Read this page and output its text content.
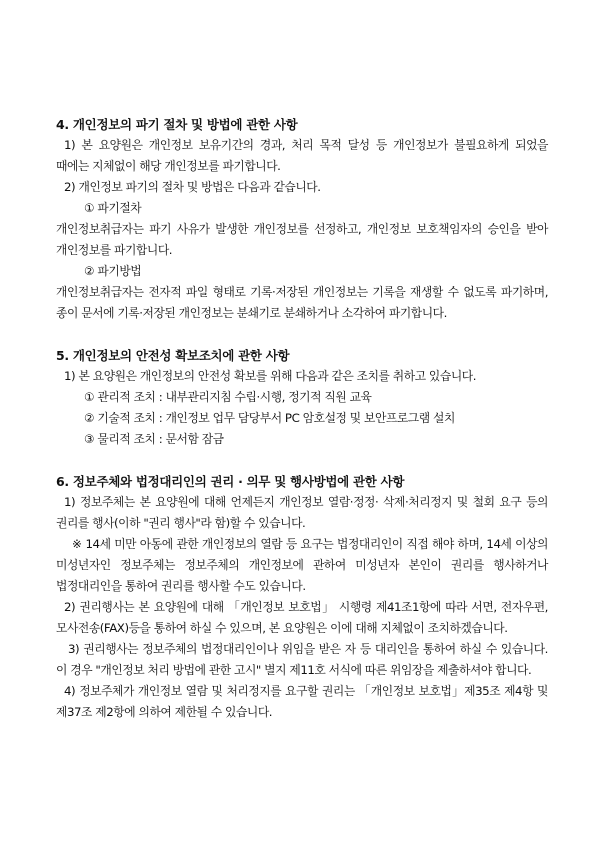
4. 개인정보의 파기 절차 및 방법에 관한 사항
1) 본 요양원은 개인정보 보유기간의 경과, 처리 목적 달성 등 개인정보가 불필요하게 되었을 때에는 지체없이 해당 개인정보를 파기합니다.
2) 개인정보 파기의 절차 및 방법은 다음과 같습니다.
① 파기절차
개인정보취급자는 파기 사유가 발생한 개인정보를 선정하고, 개인정보 보호책임자의 승인을 받아 개인정보를 파기합니다.
② 파기방법
개인정보취급자는 전자적 파일 형태로 기록·저장된 개인정보는 기록을 재생할 수 없도록 파기하며, 종이 문서에 기록·저장된 개인정보는 분쇄기로 분쇄하거나 소각하여 파기합니다.
5. 개인정보의 안전성 확보조치에 관한 사항
1) 본 요양원은 개인정보의 안전성 확보를 위해 다음과 같은 조치를 취하고 있습니다.
① 관리적 조치 : 내부관리지침 수립·시행, 정기적 직원 교육
② 기술적 조치 : 개인정보 업무 담당부서 PC 암호설정 및 보안프로그램 설치
③ 물리적 조치 : 문서함 잠금
6. 정보주체와 법정대리인의 권리 · 의무 및 행사방법에 관한 사항
1) 정보주체는 본 요양원에 대해 언제든지 개인정보 열람·정정· 삭제·처리정지 및 철회 요구 등의 권리를 행사(이하 "권리 행사"라 함)할 수 있습니다.
※ 14세 미만 아동에 관한 개인정보의 열람 등 요구는 법정대리인이 직접 해야 하며, 14세 이상의 미성년자인 정보주체는 정보주체의 개인정보에 관하여 미성년자 본인이 권리를 행사하거나 법정대리인을 통하여 권리를 행사할 수도 있습니다.
2) 권리행사는 본 요양원에 대해 「개인정보 보호법」 시행령 제41조1항에 따라 서면, 전자우편, 모사전송(FAX)등을 통하여 하실 수 있으며, 본 요양원은 이에 대해 지체없이 조치하겠습니다.
3) 권리행사는 정보주체의 법정대리인이나 위임을 받은 자 등 대리인을 통하여 하실 수 있습니다. 이 경우 "개인정보 처리 방법에 관한 고시" 별지 제11호 서식에 따른 위임장을 제출하셔야 합니다.
4) 정보주체가 개인정보 열람 및 처리정지를 요구할 권리는 「개인정보 보호법」제35조 제4항 및 제37조 제2항에 의하여 제한될 수 있습니다.
